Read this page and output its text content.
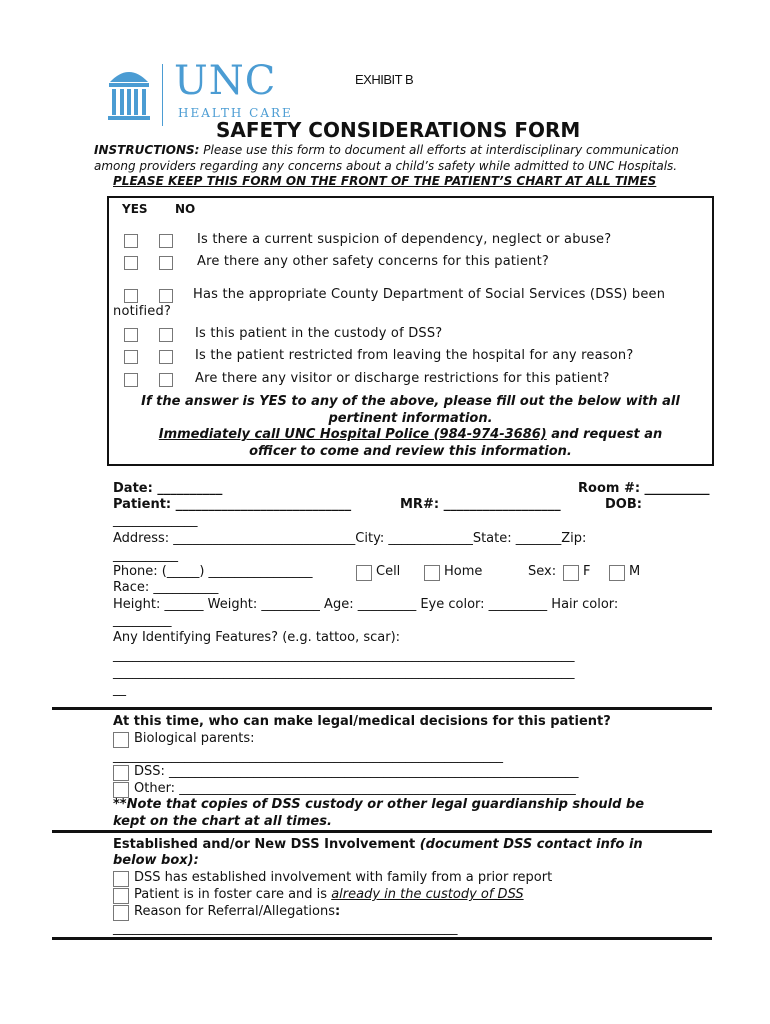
UNC
HEALTH CARE
EXHIBIT B
SAFETY CONSIDERATIONS FORM
INSTRUCTIONS: Please use this form to document all efforts at interdisciplinary communication
among providers regarding any concerns about a child’s safety while admitted to UNC Hospitals.
PLEASE KEEP THIS FORM ON THE FRONT OF THE PATIENT’S CHART AT ALL TIMES
YES NO
Is there a current suspicion of dependency, neglect or abuse?
Are there any other safety concerns for this patient?
Has the appropriate County Department of Social Services (DSS) been
notified?
Is this patient in the custody of DSS?
Is the patient restricted from leaving the hospital for any reason?
Are there any visitor or discharge restrictions for this patient?
If the answer is YES to any of the above, please fill out the below with all
pertinent information.
Immediately call UNC Hospital Police (984-974-3686) and request an
officer to come and review this information.
Date: __________	Room #: __________
Patient: ___________________________	MR#: __________________	DOB:
_____________
Address: ____________________________City: _____________State: _______Zip:
__________
Phone: (_____) ________________	Cell	Home	Sex: F	M
Race: __________
Height: ______ Weight: _________ Age: _________ Eye color: _________ Hair color:
_________
Any Identifying Features? (e.g. tattoo, scar):
_______________________________________________________________________
_______________________________________________________________________
__
At this time, who can make legal/medical decisions for this patient?
Biological parents:
____________________________________________________________
DSS: _______________________________________________________________
Other: _____________________________________________________________
**Note that copies of DSS custody or other legal guardianship should be
kept on the chart at all times.
Established and/or New DSS Involvement (document DSS contact info in
below box):
DSS has established involvement with family from a prior report
Patient is in foster care and is already in the custody of DSS
Reason for Referral/Allegations:
_____________________________________________________
